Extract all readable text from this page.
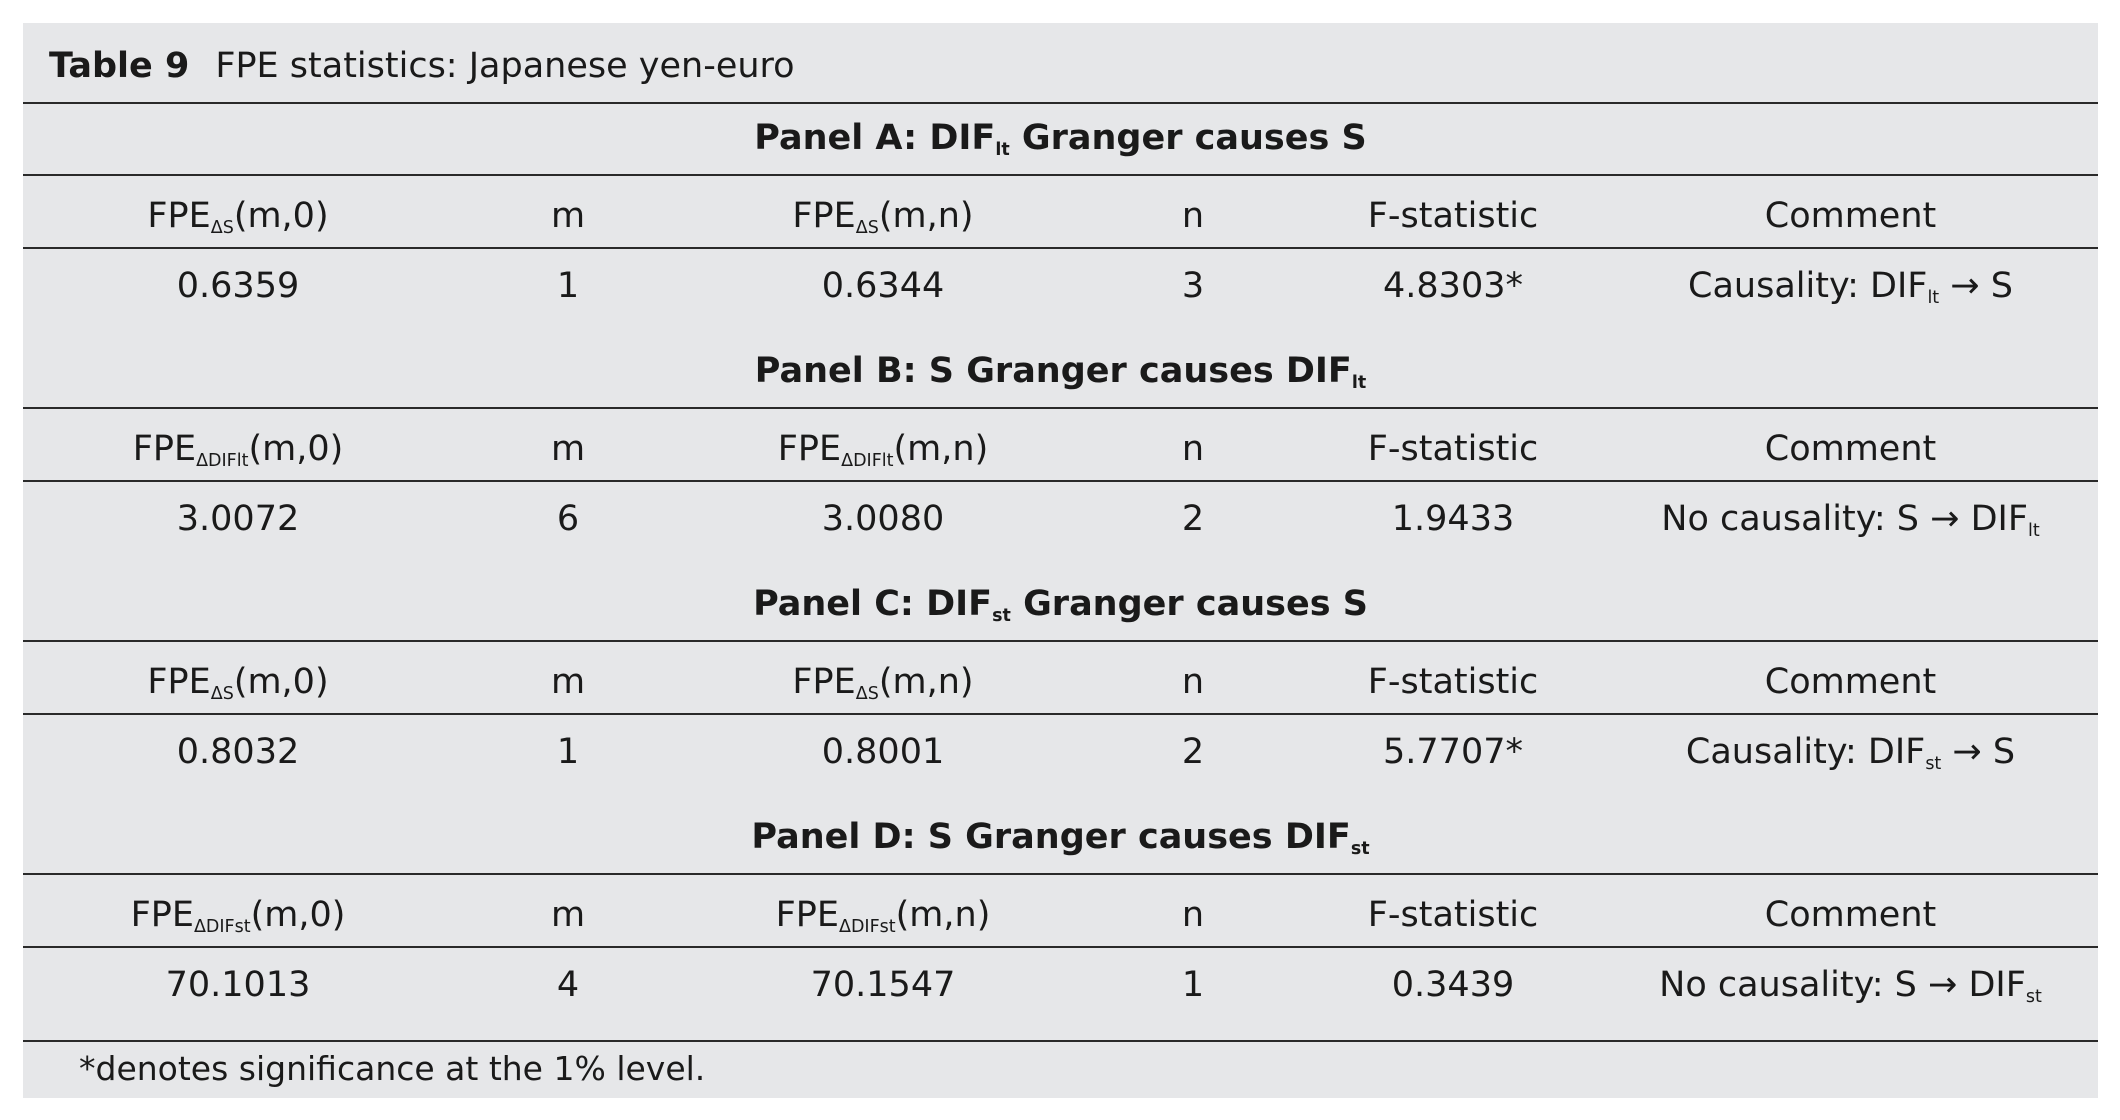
Table 9 FPE statistics: Japanese yen-euro
Panel A: $DIF_{lt}$ Granger causes S
$FPE_{\Delta S}(m,0)$	m	$FPE_{\Delta S}(m,n)$	n	F-statistic	Comment
0.6359	1	0.6344	3	4.8303*	Causality: $DIF_{lt} \to S$
Panel B: S Granger causes $DIF_{lt}$
$FPE_{\Delta DIFlt}(m,0)$	m	$FPE_{\Delta DIFlt}(m,n)$	n	F-statistic	Comment
3.0072	6	3.0080	2	1.9433	No causality: $S \to DIF_{lt}$
Panel C: $DIF_{st}$ Granger causes S
$FPE_{\Delta S}(m,0)$	m	$FPE_{\Delta S}(m,n)$	n	F-statistic	Comment
0.8032	1	0.8001	2	5.7707*	Causality: $DIF_{st} \to S$
Panel D: S Granger causes $DIF_{st}$
$FPE_{\Delta DIFst}(m,0)$	m	$FPE_{\Delta DIFst}(m,n)$	n	F-statistic	Comment
70.1013	4	70.1547	1	0.3439	No causality: $S \to DIF_{st}$
*denotes significance at the 1% level.
